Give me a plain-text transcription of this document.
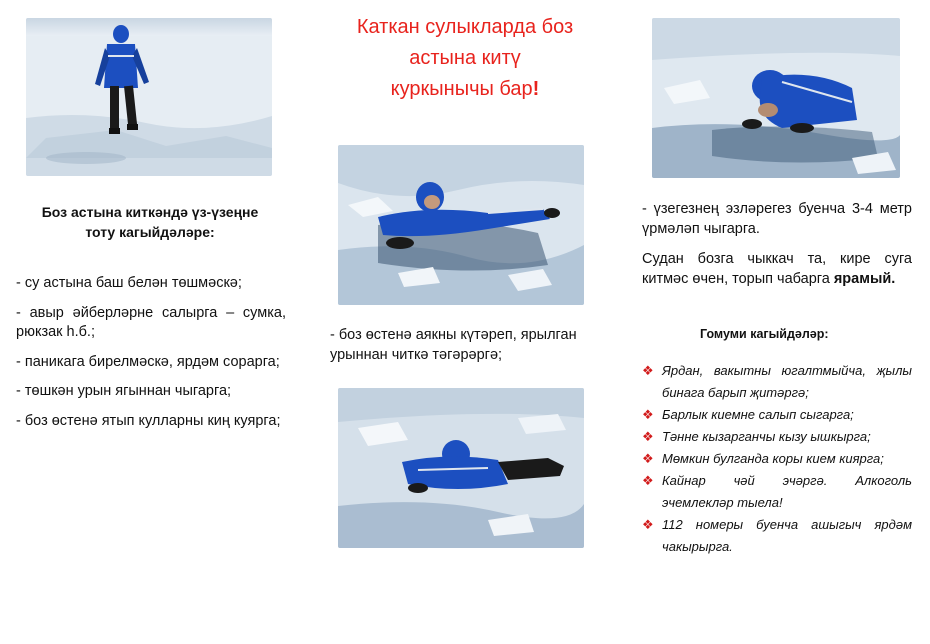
Каткан сулыкларда боз
астына китү
куркынычы бар!
Боз астына киткәндә үз-үзеңне тоту кагыйдәләре:

- су астына баш белән төшмәскә;

- авыр әйберләрне салырга – сумка, рюкзак һ.б.;

- паникага бирелмәскә, ярдәм сорарга;

- төшкән урын ягыннан чыгарга;

- боз өстенә ятып кулларны киң куярга;

- боз өстенә аякны күтәреп, ярылган урыннан читкә тәгәрәргә;
- үзегезнең эзләрегез буенча 3-4 метр үрмәләп чыгарга.
Судан бозга чыккач та, кире суга китмәс өчен, торып чабарга ярамый.
Гомуми кагыйдәләр:
❖ Ярдан, вакытны югалтмыйча, җылы бинага барып җитәргә;
❖ Барлык киемне салып сыгарга;
❖ Тәнне кызарганчы кызу ышкырга;
❖ Мөмкин булганда коры кием киярга;
❖ Кайнар чәй эчәргә. Алкоголь эчемлекләр тыела!
❖ 112 номеры буенча ашыгыч ярдәм чакырырга.
